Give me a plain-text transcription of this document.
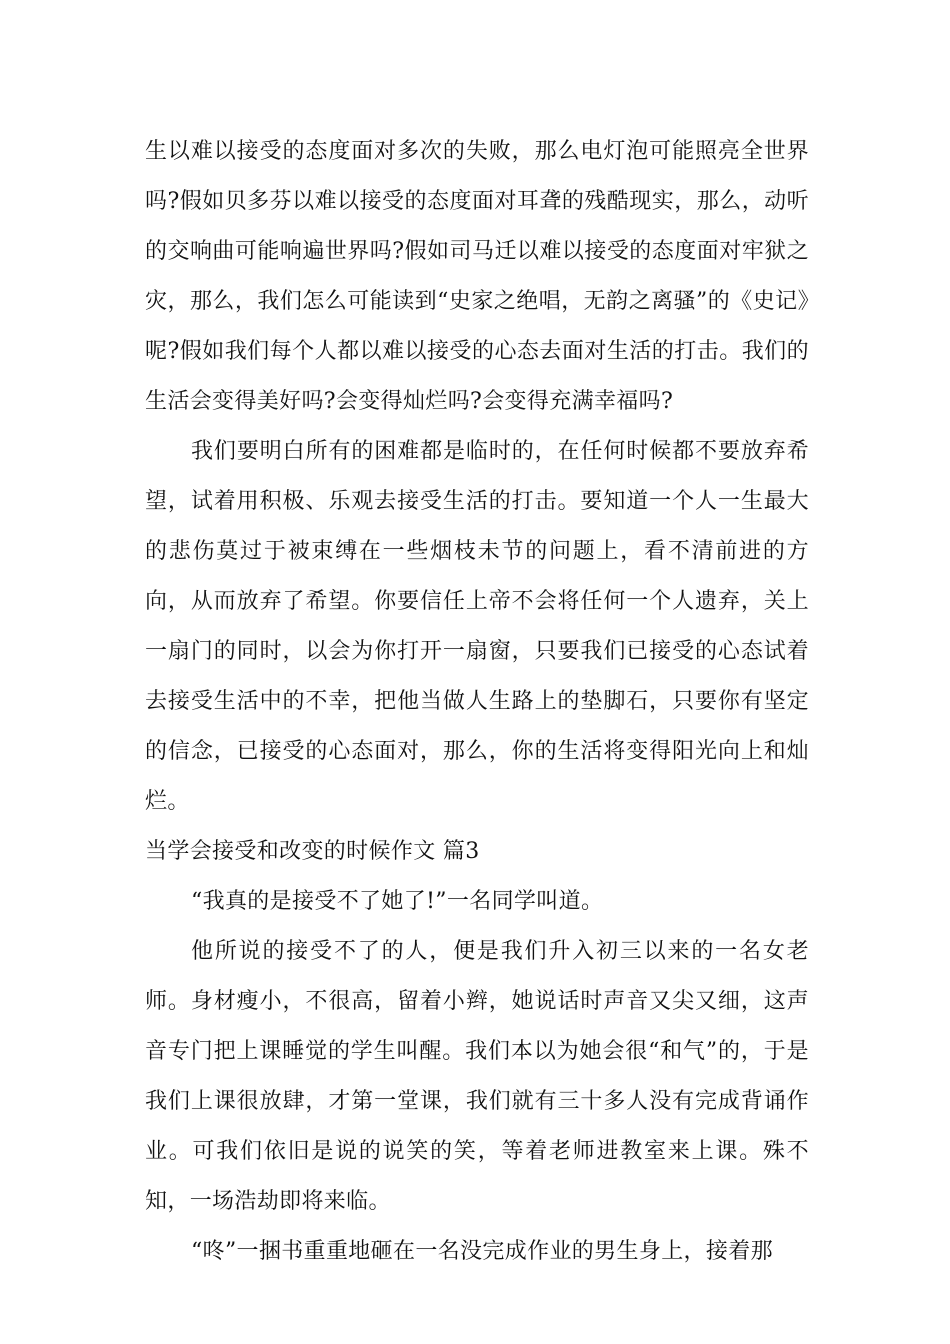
生以难以接受的态度面对多次的失败，那么电灯泡可能照亮全世界吗?假如贝多芬以难以接受的态度面对耳聋的残酷现实，那么，动听的交响曲可能响遍世界吗?假如司马迁以难以接受的态度面对牢狱之灾，那么，我们怎么可能读到“史家之绝唱，无韵之离骚”的《史记》呢?假如我们每个人都以难以接受的心态去面对生活的打击。我们的生活会变得美好吗?会变得灿烂吗?会变得充满幸福吗?

我们要明白所有的困难都是临时的，在任何时候都不要放弃希望，试着用积极、乐观去接受生活的打击。要知道一个人一生最大的悲伤莫过于被束缚在一些烟枝未节的问题上，看不清前进的方向，从而放弃了希望。你要信任上帝不会将任何一个人遗弃，关上一扇门的同时，以会为你打开一扇窗，只要我们已接受的心态试着去接受生活中的不幸，把他当做人生路上的垫脚石，只要你有坚定的信念，已接受的心态面对，那么，你的生活将变得阳光向上和灿烂。

当学会接受和改变的时候作文 篇3

“我真的是接受不了她了!”一名同学叫道。

他所说的接受不了的人，便是我们升入初三以来的一名女老师。身材瘦小，不很高，留着小辫，她说话时声音又尖又细，这声音专门把上课睡觉的学生叫醒。我们本以为她会很“和气”的，于是我们上课很放肆，才第一堂课，我们就有三十多人没有完成背诵作业。可我们依旧是说的说笑的笑，等着老师进教室来上课。殊不知，一场浩劫即将来临。

“咚”一捆书重重地砸在一名没完成作业的男生身上，接着那
